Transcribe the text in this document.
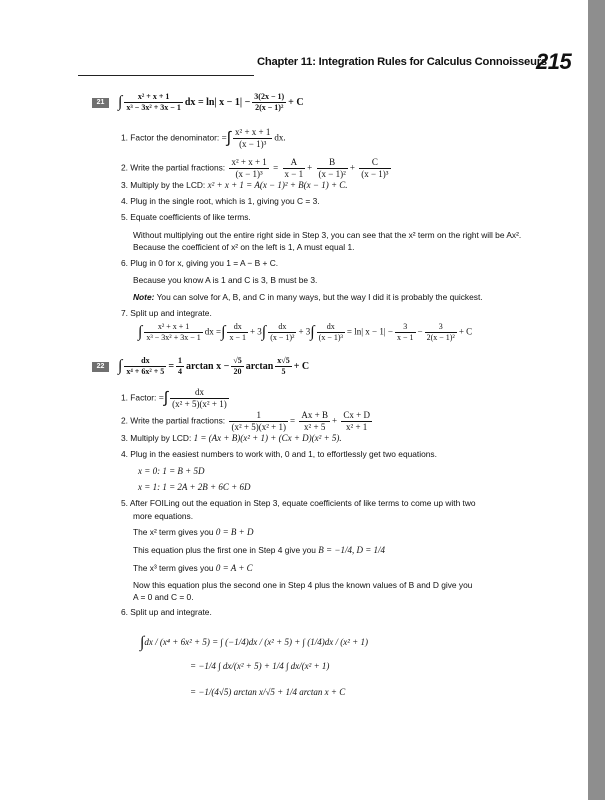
Chapter 11: Integration Rules for Calculus Connoisseurs
215
21 ∫ $\frac{\text{x² + x + 1}}{\text{x³ − 3x² + 3x − 1}}$ dx = ln| $x - 1| - \frac{3(2x - 1)}{\text{2(x − 1)²}} + C$
1. Factor the denominator: =∫ $\frac{\text{x² + x + 1}}{\text{(x − 1)³}}$ dx.
2. Write the partial fractions: $\frac{\text{x² + x + 1}}{\text{(x − 1)³}} = \frac{A}{x - 1} + \frac{B}{\text{(x − 1)²}} + \frac{C}{\text{(x − 1)³}}$
3. Multiply by the LCD: x² + x + 1 = A(x − 1)² + B(x − 1) + C.
4. Plug in the single root, which is 1, giving you C = 3.
5. Equate coefficients of like terms.
Without multiplying out the entire right side in Step 3, you can see that the x² term on the right will be Ax². Because the coefficient of x² on the left is 1, A must equal 1.
6. Plug in 0 for x, giving you 1 = A − B + C.
Because you know A is 1 and C is 3, B must be 3.
Note: You can solve for A, B, and C in many ways, but the way I did it is probably the quickest.
7. Split up and integrate.
∫ $\frac{\text{x² + x + 1}}{\text{x³ − 3x² + 3x − 1}}$ dx =∫ $\frac{dx}{x - 1} + 3\int \frac{dx}{\text{(x − 1)²}} + 3\int \frac{dx}{\text{(x − 1)³}} = \ln|$ $x - 1| - \frac{3}{x - 1} - \frac{3}{\text{2(x − 1)²}} + C$
22 ∫ $\frac{dx}{\text{x⁴ + 6x² + 5}} = \frac{1}{4}$ $\arctan x - \frac{√5}{20}$ $\arctan \frac{x√5}{5} + C$
1. Factor: =∫ $\frac{dx}{\text{(x² + 5)(x² + 1)}}$
2. Write the partial fractions: $\frac{1}{\text{(x² + 5)(x² + 1)}} = \frac{Ax + B}{\text{x² + 5}} + \frac{Cx + D}{\text{x² + 1}}$
3. Multiply by LCD: 1 = (Ax + B)(x² + 1) + (Cx + D)(x² + 5).
4. Plug in the easiest numbers to work with, 0 and 1, to effortlessly get two equations.
x = 0: 1 = B + 5D
x = 1: 1 = 2A + 2B + 6C + 6D
5. After FOILing out the equation in Step 3, equate coefficients of like terms to come up with two
more equations.
The x² term gives you 0 = B + D
This equation plus the first one in Step 4 give you B = −1/4, D = 1/4
The x³ term gives you 0 = A + C
Now this equation plus the second one in Step 4 plus the known values of B and D give you
A = 0 and C = 0.
6. Split up and integrate.
∫dx / (x⁴ + 6x² + 5) = ∫ (−1/4)dx / (x² + 5) + ∫ (1/4)dx / (x² + 1)
= −1/4 ∫ dx/(x² + 5) + 1/4 ∫ dx/(x² + 1)
= −1/(4√5) arctan x/√5 + 1/4 arctan x + C
